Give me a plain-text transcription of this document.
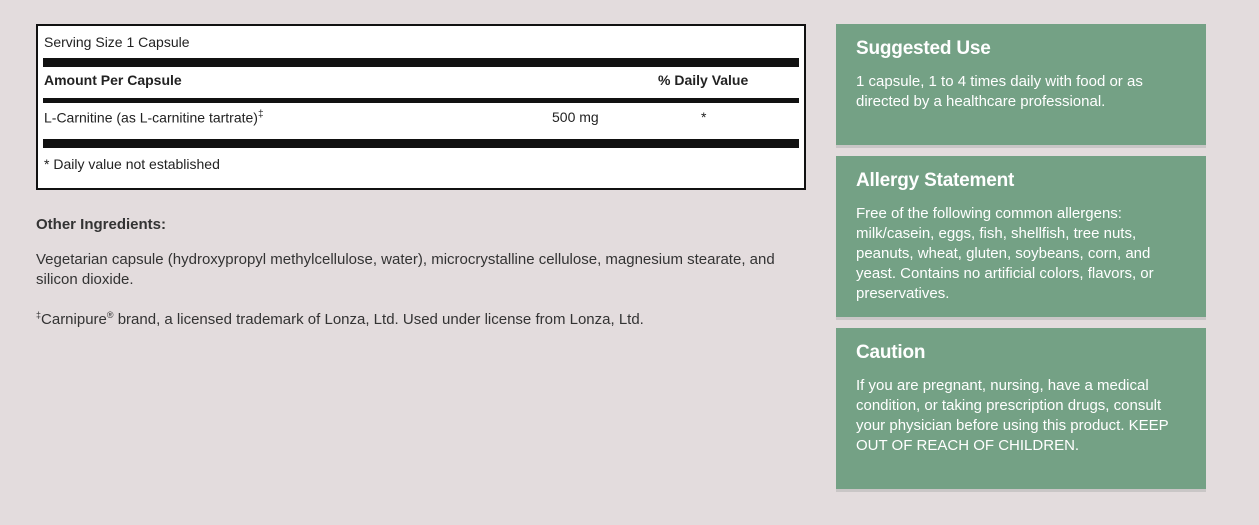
Serving Size 1 Capsule
Amount Per Capsule	% Daily Value
L-Carnitine (as L-carnitine tartrate)‡	500 mg	*
* Daily value not established
Other Ingredients:
Vegetarian capsule (hydroxypropyl methylcellulose, water), microcrystalline cellulose, magnesium stearate, and silicon dioxide.
‡Carnipure® brand, a licensed trademark of Lonza, Ltd. Used under license from Lonza, Ltd.
Suggested Use

1 capsule, 1 to 4 times daily with food or as directed by a healthcare professional.

Allergy Statement

Free of the following common allergens: milk/casein, eggs, fish, shellfish, tree nuts, peanuts, wheat, gluten, soybeans, corn, and yeast. Contains no artificial colors, flavors, or preservatives.

Caution

If you are pregnant, nursing, have a medical condition, or taking prescription drugs, consult your physician before using this product. KEEP OUT OF REACH OF CHILDREN.
